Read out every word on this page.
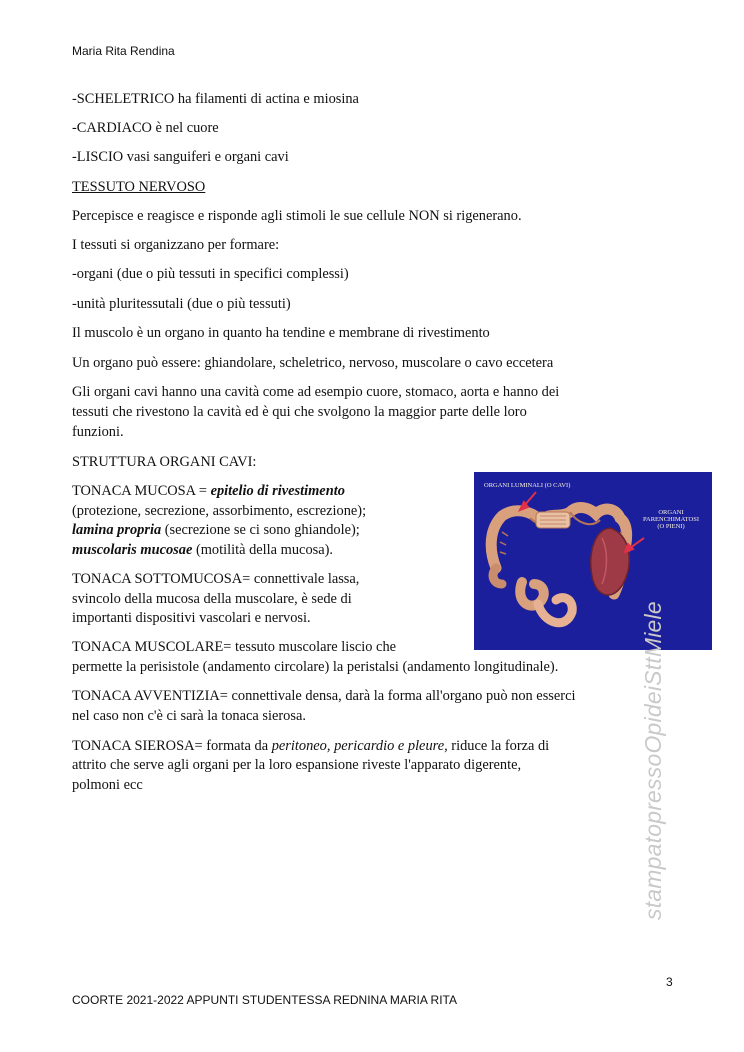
Maria Rita Rendina

-SCHELETRICO ha filamenti di actina e miosina

-CARDIACO è nel cuore

-LISCIO vasi sanguiferi e organi cavi

TESSUTO NERVOSO

Percepisce e reagisce e risponde agli stimoli le sue cellule NON si rigenerano.

I tessuti si organizzano per formare:

-organi (due o più tessuti in specifici complessi)

-unità pluritessutali (due o più tessuti)

Il muscolo è un organo in quanto ha tendine e membrane di rivestimento

Un organo può essere: ghiandolare, scheletrico, nervoso, muscolare o cavo eccetera

Gli organi cavi hanno una cavità come ad esempio cuore, stomaco, aorta e hanno dei

tessuti che rivestono la cavità ed è qui che svolgono la maggior parte delle loro

funzioni.

STRUTTURA ORGANI CAVI:

TONACA MUCOSA = epitelio di rivestimento

(protezione, secrezione, assorbimento, escrezione);

lamina propria (secrezione se ci sono ghiandole);

muscolaris mucosae (motilità della mucosa).

TONACA SOTTOMUCOSA= connettivale lassa,

svincolo della mucosa della muscolare, è sede di

importanti dispositivi vascolari e nervosi.

TONACA MUSCOLARE= tessuto muscolare liscio che

permette la perisistole (andamento circolare) la peristalsi (andamento longitudinale).

TONACA AVVENTIZIA= connettivale densa, darà la forma all'organo può non esserci

nel caso non c'è ci sarà la tonaca sierosa.

TONACA SIEROSA= formata da peritoneo, pericardio e pleure, riduce la forza di

attrito che serve agli organi per la loro espansione riveste l'apparato digerente,

polmoni ecc

ORGANI LUMINALI (O CAVI)
ORGANI
PARENCHIMATOSI
(O PIENI)
stampatopressoOpideiSttMiele
3
COORTE 2021-2022 APPUNTI STUDENTESSA REDNINA MARIA RITA
